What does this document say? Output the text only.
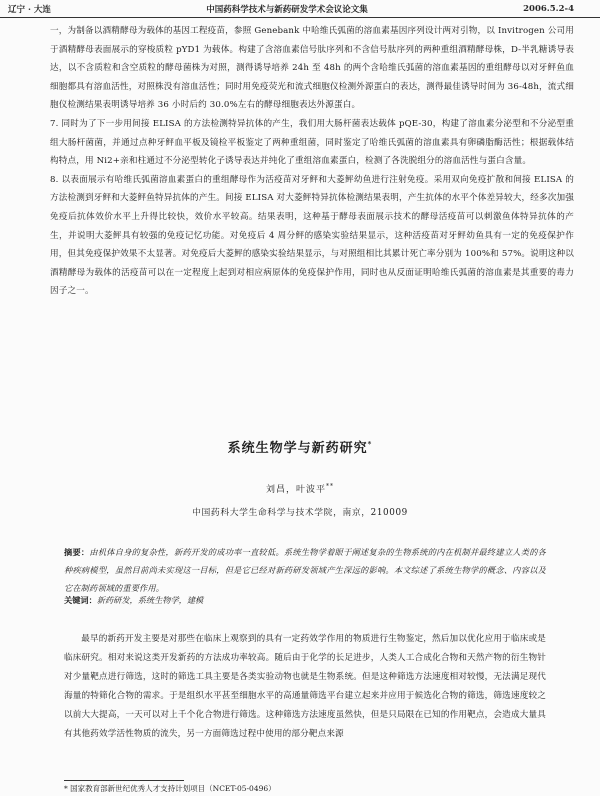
辽宁 · 大连	中国药科学技术与新药研发学术会议论文集	2006.5.2-4

一，为制备以酒精酵母为载体的基因工程疫苗，参照 Genebank 中哈维氏弧菌的溶血素基因序列设计两对引物，以 Invitrogen 公司用于酒精酵母表面展示的穿梭质粒 pYD1 为载体。构建了含溶血素信号肽序列和不含信号肽序列的两种重组酒精酵母株，D-半乳糖诱导表达，以不含质粒和含空质粒的酵母菌株为对照，测得诱导培养 24h 至 48h 的两个含哈维氏弧菌的溶血素基因的重组酵母以对牙鲆鱼血细胞都具有溶血活性，对照株没有溶血活性；同时用免疫荧光和流式细胞仪检测外源蛋白的表达，测得最佳诱导时间为 36-48h，流式细胞仪检测结果表明诱导培养 36 小时后约 30.0%左右的酵母细胞表达外源蛋白。

7. 同时为了下一步用间接 ELISA 的方法检测特异抗体的产生，我们用大肠杆菌表达载体 pQE-30，构建了溶血素分泌型和不分泌型重组大肠杆菌菌，并通过点种牙鲆血平板及镜检平板鉴定了两种重组菌，同时鉴定了哈维氏弧菌的溶血素具有卵磷脂酶活性；根据载体结构特点，用 Ni2+亲和柱通过不分泌型转化子诱导表达并纯化了重组溶血素蛋白，检测了各洗脱组分的溶血活性与蛋白含量。

8. 以表面展示有哈维氏弧菌溶血素蛋白的重组酵母作为活疫苗对牙鲆和大菱鲆幼鱼进行注射免疫。采用双向免疫扩散和间接 ELISA 的方法检测到牙鲆和大菱鲆鱼特异抗体的产生。间接 ELISA 对大菱鲆特异抗体检测结果表明，产生抗体的水平个体差异较大，经多次加强免疫后抗体效价水平上升得比较快，效价水平较高。结果表明，这种基于酵母表面展示技术的酵母活疫苗可以刺激鱼体特异抗体的产生，并说明大菱鲆具有较强的免疫记忆功能。对免疫后 4 周分鲆的感染实验结果显示，这种活疫苗对牙鲆幼鱼具有一定的免疫保护作用，但其免疫保护效果不太显著。对免疫后大菱鲆的感染实验结果显示，与对照组相比其累计死亡率分别为 100%和 57%。说明这种以酒精酵母为载体的活疫苗可以在一定程度上起到对相应病原体的免疫保护作用，同时也从反面证明哈维氏弧菌的溶血素是其重要的毒力因子之一。

系统生物学与新药研究*
刘昌，叶波平**
中国药科大学生命科学与技术学院，南京，210009

摘要：由机体自身的复杂性，新药开发的成功率一直较低。系统生物学着眼于阐述复杂的生物系统的内在机制并最终建立人类的各种疾病模型，虽然目前尚未实现这一目标，但是它已经对新药研发领域产生深远的影响。本文综述了系统生物学的概念、内容以及它在制药领域的重要作用。

关键词：新药研发，系统生物学，建模

最早的新药开发主要是对那些在临床上观察到的具有一定药效学作用的物质进行生物鉴定，然后加以优化应用于临床或是临床研究。相对来说这类开发新药的方法成功率较高。随后由于化学的长足进步，人类人工合成化合物和天然产物的衍生物针对少量靶点进行筛选，这时的筛选工具主要是各类实验动物也就是生物系统。但是这种筛选方法速度相对较慢，无法满足现代海量的特筛化合物的需求。于是组织水平甚至细胞水平的高通量筛选平台建立起来并应用于候选化合物的筛选，筛选速度较之以前大大提高，一天可以对上千个化合物进行筛选。这种筛选方法速度虽然快，但是只局限在已知的作用靶点，会造成大量具有其他药效学活性物质的流失，另一方面筛选过程中使用的部分靶点来源

* 国家教育部新世纪优秀人才支持计划项目（NCET-05-0496）
